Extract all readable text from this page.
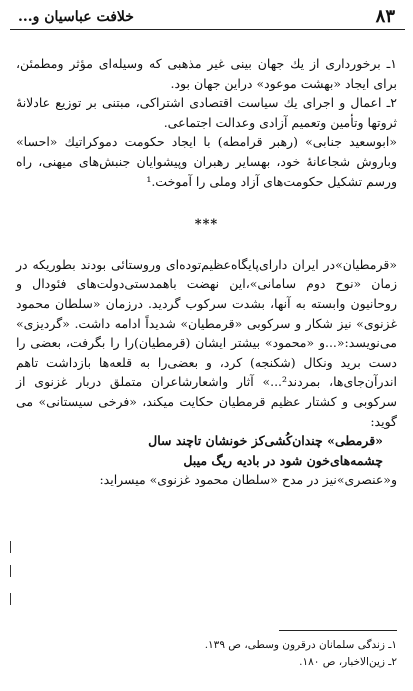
۸۳
خلافت عباسیان و...

۱ـ برخورداری از یك جهان بینی غیر مذهبی كه وسیله‌ای مؤثر ومطمئن، برای ایجاد «بهشت موعود» دراین جهان بود.

۲ـ اعمال و اجرای یك سیاست اقتصادی اشتراكی، مبتنی بر توزیع عادلانهٔ ثروتها وتأمین وتعمیم آزادی وعدالت اجتماعی.

«ابوسعید جنابی» (رهبر قرامطه) با ایجاد حكومت دموكراتیك «احسا» وباروش شجاعانهٔ خود، بهسایر رهبران وپیشوایان جنبش‌های میهنی، راه ورسم تشكیل حكومت‌های آزاد وملی را آموخت.¹

***

«قرمطیان»در ایران دارای‌پایگاه‌عظیم‌توده‌ای وروستائی بودند بطوریكه در زمان «نوح دوم سامانی»،این نهضت باهمدستی‌دولت‌های فئودال و روحانیون وابسته به آنها، بشدت سركوب گردید. درزمان «سلطان محمود غزنوی» نیز شكار و سركوبی «قرمطیان» شدیداً ادامه داشت. «گردیزی» می‌نویسد:«...و «محمود» بیشتر ایشان (قرمطیان)را را بگرفت، بعضی را دست برید ونكال (شكنجه) كرد، و بعضی‌را به قلعه‌ها بازداشت تاهم اندرآن‌جای‌ها، بمردند²...» آثار واشعارشاعران متملق دربار غزنوی از سركوبی و كشتار عظیم قرمطیان حكایت میكند، «فرخی سیستانی» می گوید:

«قرمطی» چندان‌كُشی‌كز خونشان تا‌چند سال

چشمه‌های‌خون شود در بادیه ریگ میبل

و«عنصری»نیز در مدح «سلطان محمود غزنوی» میسراید:

۱ـ زندگی سلمانان درقرون وسطی، ص ۱۳۹.

۲ـ زین‌الاخبار، ص ۱۸۰.
